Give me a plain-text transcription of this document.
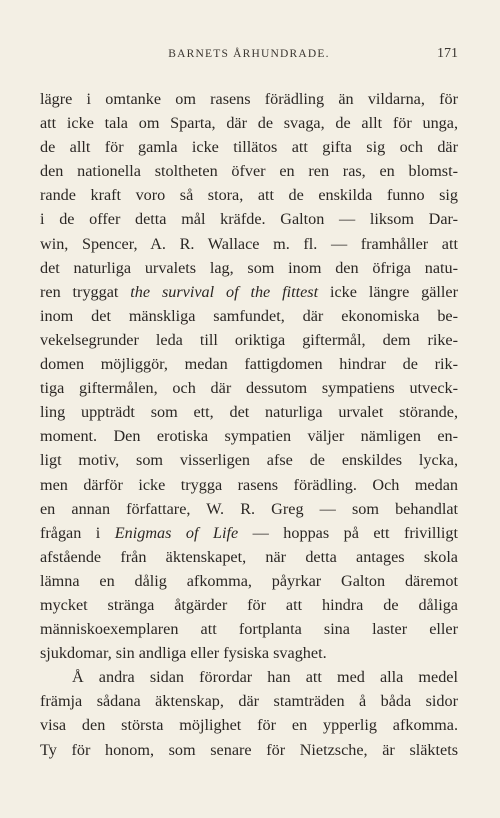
BARNETS ÅRHUNDRADE.	171
lägre i omtanke om rasens förädling än vildarna, för
att icke tala om Sparta, där de svaga, de allt för unga,
de allt för gamla icke tillätos att gifta sig och där
den nationella stoltheten öfver en ren ras, en blomst-
rande kraft voro så stora, att de enskilda funno sig
i de offer detta mål kräfde. Galton — liksom Dar-
win, Spencer, A. R. Wallace m. fl. — framhåller att
det naturliga urvalets lag, som inom den öfriga natu-
ren tryggat the survival of the fittest icke längre gäller
inom det mänskliga samfundet, där ekonomiska be-
vekelsegrunder leda till oriktiga giftermål, dem rike-
domen möjliggör, medan fattigdomen hindrar de rik-
tiga giftermålen, och där dessutom sympatiens utveck-
ling uppträdt som ett, det naturliga urvalet störande,
moment. Den erotiska sympatien väljer nämligen en-
ligt motiv, som visserligen afse de enskildes lycka,
men därför icke trygga rasens förädling. Och medan
en annan författare, W. R. Greg — som behandlat
frågan i Enigmas of Life — hoppas på ett frivilligt
afstående från äktenskapet, när detta antages skola
lämna en dålig afkomma, påyrkar Galton däremot
mycket stränga åtgärder för att hindra de dåliga
människoexemplaren att fortplanta sina laster eller
sjukdomar, sin andliga eller fysiska svaghet.
Å andra sidan förordar han att med alla medel
främja sådana äktenskap, där stamträden å båda sidor
visa den största möjlighet för en ypperlig afkomma.
Ty för honom, som senare för Nietzsche, är släktets
